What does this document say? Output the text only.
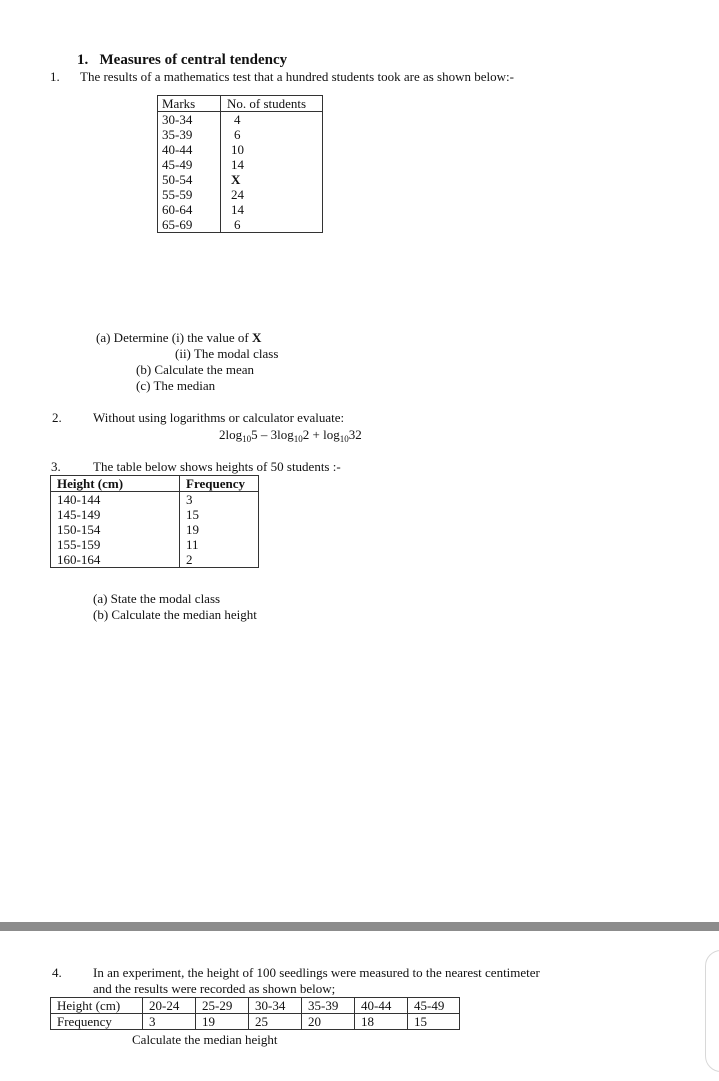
1. Measures of central tendency
1. The results of a mathematics test that a hundred students took are as shown below:-
Marks	No. of students
30-34	4
35-39	6
40-44	10
45-49	14
50-54	X
55-59	24
60-64	14
65-69	6
(a) Determine (i) the value of X
(ii) The modal class
(b) Calculate the mean
(c) The median
2. Without using logarithms or calculator evaluate:
$2\log_{10}5 - 3\log_{10}2 + \log_{10}32$
3. The table below shows heights of 50 students :-
Height (cm)	Frequency
140-144	3
145-149	15
150-154	19
155-159	11
160-164	2
(a) State the modal class
(b) Calculate the median height
4. In an experiment, the height of 100 seedlings were measured to the nearest centimeter
and the results were recorded as shown below;
Height (cm)	20-24	25-29	30-34	35-39	40-44	45-49
Frequency	3	19	25	20	18	15
Calculate the median height
